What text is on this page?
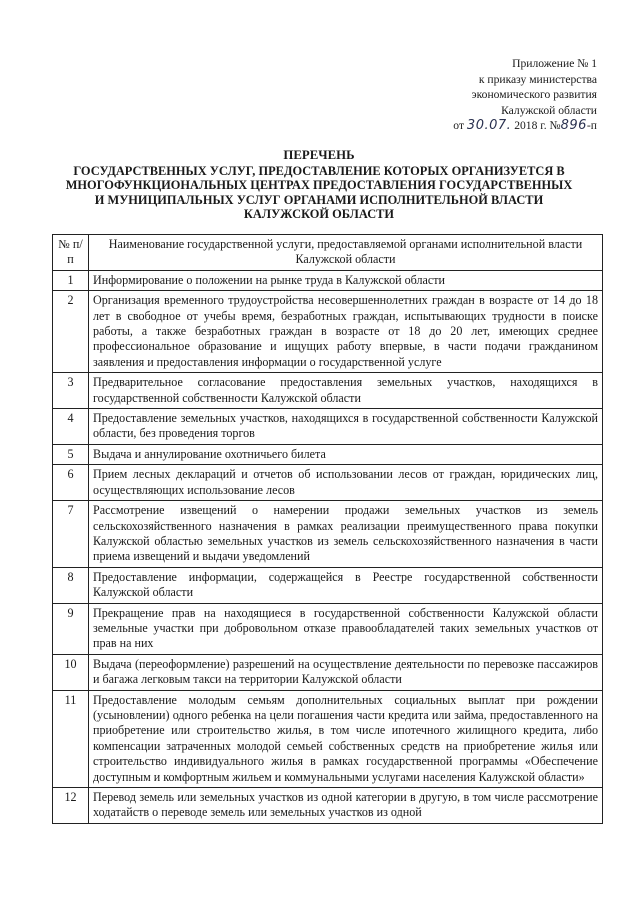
Приложение № 1
к приказу министерства
экономического развития
Калужской области
от 30.07. 2018 г. №896-п
ПЕРЕЧЕНЬ
ГОСУДАРСТВЕННЫХ УСЛУГ, ПРЕДОСТАВЛЕНИЕ КОТОРЫХ ОРГАНИЗУЕТСЯ В
МНОГОФУНКЦИОНАЛЬНЫХ ЦЕНТРАХ ПРЕДОСТАВЛЕНИЯ ГОСУДАРСТВЕННЫХ
И МУНИЦИПАЛЬНЫХ УСЛУГ ОРГАНАМИ ИСПОЛНИТЕЛЬНОЙ ВЛАСТИ
КАЛУЖСКОЙ ОБЛАСТИ
№ п/п	Наименование государственной услуги, предоставляемой органами исполнительной власти Калужской области
1	Информирование о положении на рынке труда в Калужской области
2	Организация временного трудоустройства несовершеннолетних граждан в возрасте от 14 до 18 лет в свободное от учебы время, безработных граждан, испытывающих трудности в поиске работы, а также безработных граждан в возрасте от 18 до 20 лет, имеющих среднее профессиональное образование и ищущих работу впервые, в части подачи гражданином заявления и предоставления информации о государственной услуге
3	Предварительное согласование предоставления земельных участков, находящихся в государственной собственности Калужской области
4	Предоставление земельных участков, находящихся в государственной собственности Калужской области, без проведения торгов
5	Выдача и аннулирование охотничьего билета
6	Прием лесных деклараций и отчетов об использовании лесов от граждан, юридических лиц, осуществляющих использование лесов
7	Рассмотрение извещений о намерении продажи земельных участков из земель сельскохозяйственного назначения в рамках реализации преимущественного права покупки Калужской областью земельных участков из земель сельскохозяйственного назначения в части приема извещений и выдачи уведомлений
8	Предоставление информации, содержащейся в Реестре государственной собственности Калужской области
9	Прекращение прав на находящиеся в государственной собственности Калужской области земельные участки при добровольном отказе правообладателей таких земельных участков от прав на них
10	Выдача (переоформление) разрешений на осуществление деятельности по перевозке пассажиров и багажа легковым такси на территории Калужской области
11	Предоставление молодым семьям дополнительных социальных выплат при рождении (усыновлении) одного ребенка на цели погашения части кредита или займа, предоставленного на приобретение или строительство жилья, в том числе ипотечного жилищного кредита, либо компенсации затраченных молодой семьей собственных средств на приобретение жилья или строительство индивидуального жилья в рамках государственной программы «Обеспечение доступным и комфортным жильем и коммунальными услугами населения Калужской области»
12	Перевод земель или земельных участков из одной категории в другую, в том числе рассмотрение ходатайств о переводе земель или земельных участков из одной
